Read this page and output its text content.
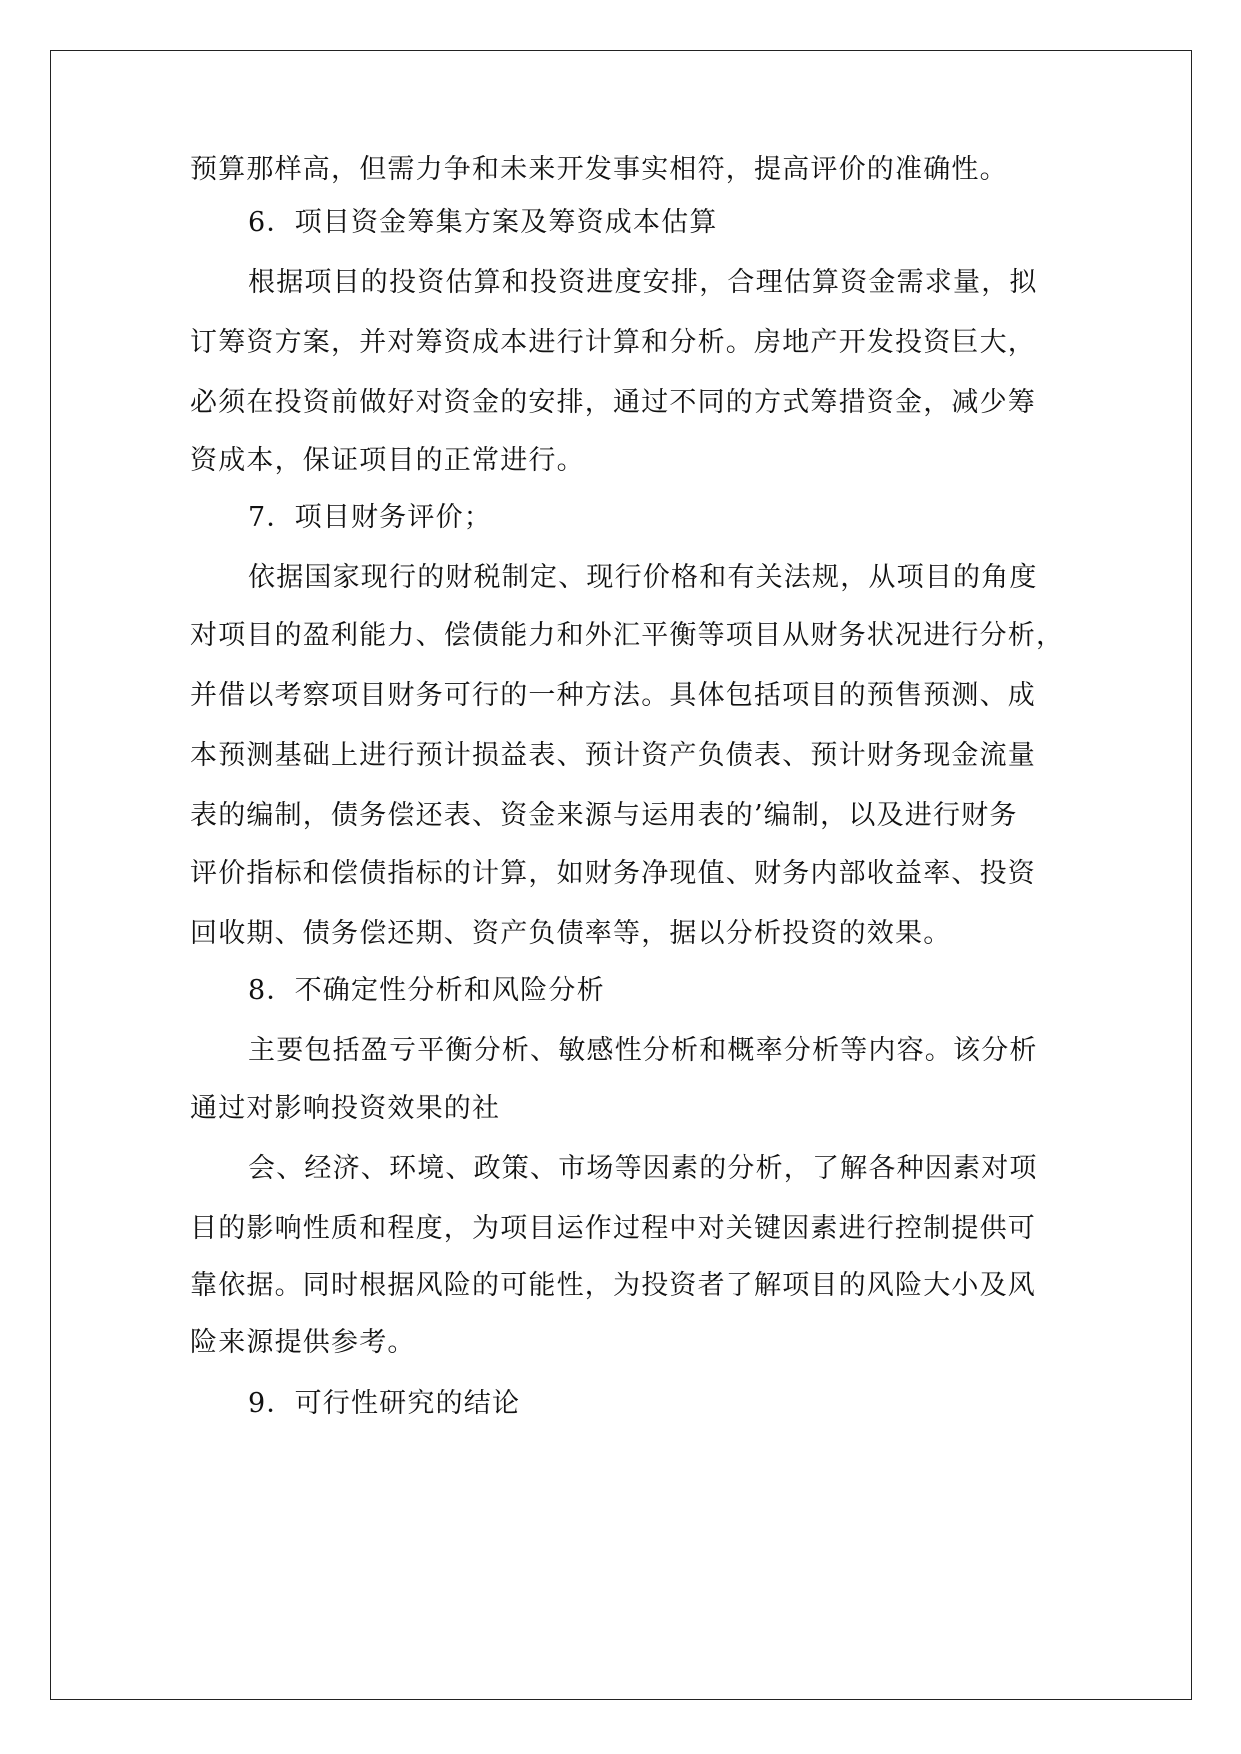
预算那样高，但需力争和未来开发事实相符，提高评价的准确性。
6．项目资金筹集方案及筹资成本估算
根据项目的投资估算和投资进度安排，合理估算资金需求量，拟
订筹资方案，并对筹资成本进行计算和分析。房地产开发投资巨大，
必须在投资前做好对资金的安排，通过不同的方式筹措资金，减少筹
资成本，保证项目的正常进行。
7．项目财务评价；
依据国家现行的财税制定、现行价格和有关法规，从项目的角度
对项目的盈利能力、偿债能力和外汇平衡等项目从财务状况进行分析，
并借以考察项目财务可行的一种方法。具体包括项目的预售预测、成
本预测基础上进行预计损益表、预计资产负债表、预计财务现金流量
表的编制，债务偿还表、资金来源与运用表的’编制，以及进行财务
评价指标和偿债指标的计算，如财务净现值、财务内部收益率、投资
回收期、债务偿还期、资产负债率等，据以分析投资的效果。
8．不确定性分析和风险分析
主要包括盈亏平衡分析、敏感性分析和概率分析等内容。该分析
通过对影响投资效果的社
会、经济、环境、政策、市场等因素的分析，了解各种因素对项
目的影响性质和程度，为项目运作过程中对关键因素进行控制提供可
靠依据。同时根据风险的可能性，为投资者了解项目的风险大小及风
险来源提供参考。
9．可行性研究的结论
